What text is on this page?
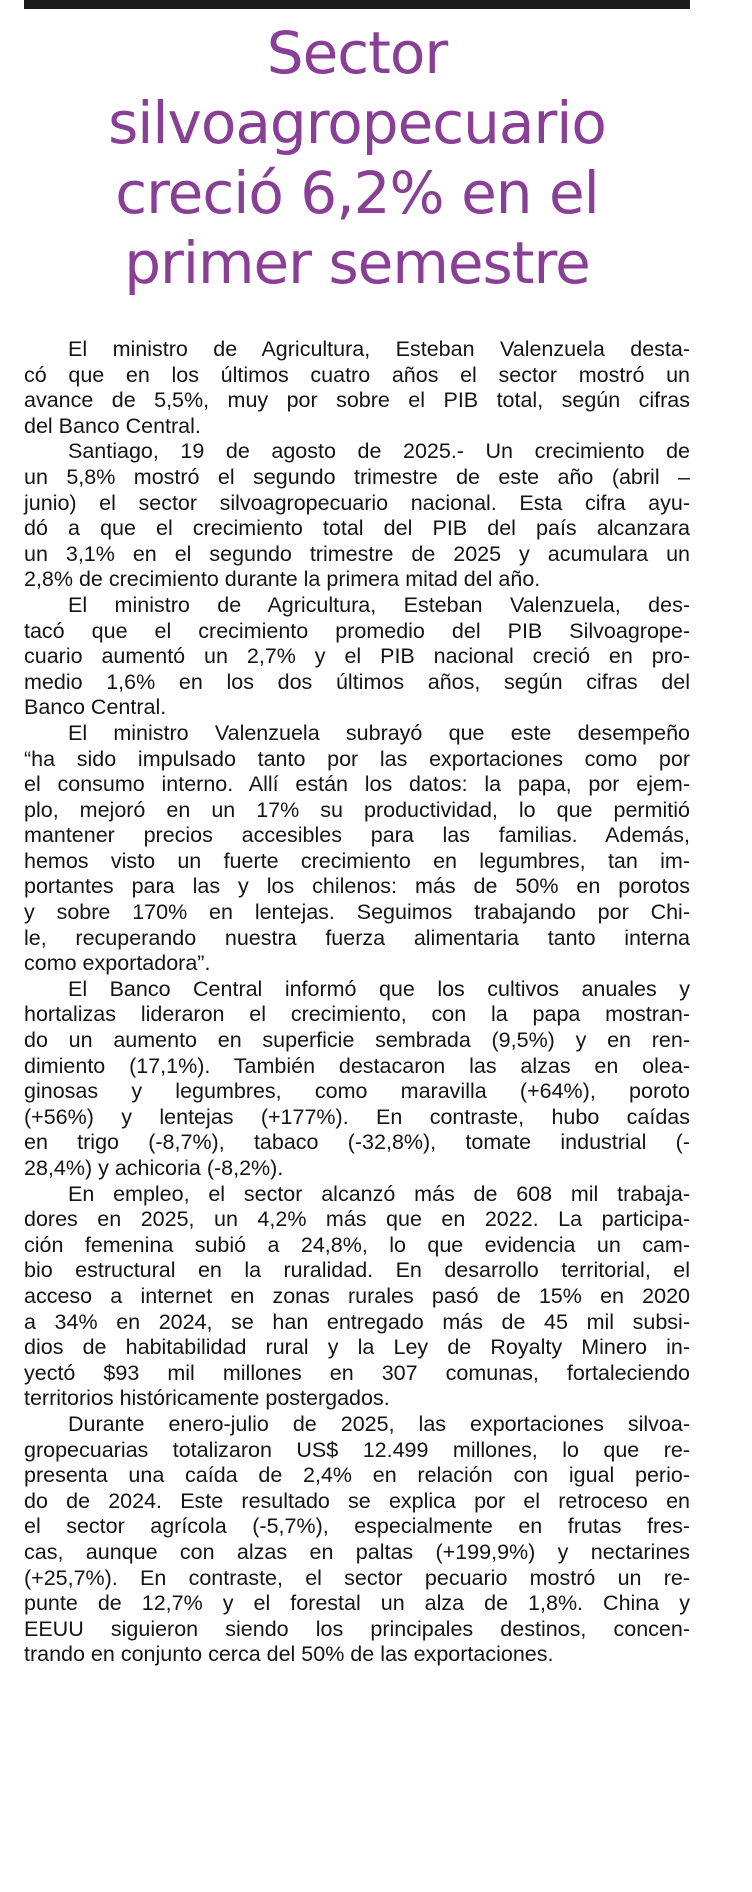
Sector
silvoagropecuario
creció 6,2% en el
primer semestre

El ministro de Agricultura, Esteban Valenzuela desta-
có que en los últimos cuatro años el sector mostró un
avance de 5,5%, muy por sobre el PIB total, según cifras
del Banco Central.

Santiago, 19 de agosto de 2025.- Un crecimiento de
un 5,8% mostró el segundo trimestre de este año (abril –
junio) el sector silvoagropecuario nacional. Esta cifra ayu-
dó a que el crecimiento total del PIB del país alcanzara
un 3,1% en el segundo trimestre de 2025 y acumulara un
2,8% de crecimiento durante la primera mitad del año.

El ministro de Agricultura, Esteban Valenzuela, des-
tacó que el crecimiento promedio del PIB Silvoagrope-
cuario aumentó un 2,7% y el PIB nacional creció en pro-
medio 1,6% en los dos últimos años, según cifras del
Banco Central.

El ministro Valenzuela subrayó que este desempeño
“ha sido impulsado tanto por las exportaciones como por
el consumo interno. Allí están los datos: la papa, por ejem-
plo, mejoró en un 17% su productividad, lo que permitió
mantener precios accesibles para las familias. Además,
hemos visto un fuerte crecimiento en legumbres, tan im-
portantes para las y los chilenos: más de 50% en porotos
y sobre 170% en lentejas. Seguimos trabajando por Chi-
le, recuperando nuestra fuerza alimentaria tanto interna
como exportadora”.

El Banco Central informó que los cultivos anuales y
hortalizas lideraron el crecimiento, con la papa mostran-
do un aumento en superficie sembrada (9,5%) y en ren-
dimiento (17,1%). También destacaron las alzas en olea-
ginosas y legumbres, como maravilla (+64%), poroto
(+56%) y lentejas (+177%). En contraste, hubo caídas
en trigo (-8,7%), tabaco (-32,8%), tomate industrial (-
28,4%) y achicoria (-8,2%).

En empleo, el sector alcanzó más de 608 mil trabaja-
dores en 2025, un 4,2% más que en 2022. La participa-
ción femenina subió a 24,8%, lo que evidencia un cam-
bio estructural en la ruralidad. En desarrollo territorial, el
acceso a internet en zonas rurales pasó de 15% en 2020
a 34% en 2024, se han entregado más de 45 mil subsi-
dios de habitabilidad rural y la Ley de Royalty Minero in-
yectó $93 mil millones en 307 comunas, fortaleciendo
territorios históricamente postergados.

Durante enero-julio de 2025, las exportaciones silvoa-
gropecuarias totalizaron US$ 12.499 millones, lo que re-
presenta una caída de 2,4% en relación con igual perio-
do de 2024. Este resultado se explica por el retroceso en
el sector agrícola (-5,7%), especialmente en frutas fres-
cas, aunque con alzas en paltas (+199,9%) y nectarines
(+25,7%). En contraste, el sector pecuario mostró un re-
punte de 12,7% y el forestal un alza de 1,8%. China y
EEUU siguieron siendo los principales destinos, concen-
trando en conjunto cerca del 50% de las exportaciones.
